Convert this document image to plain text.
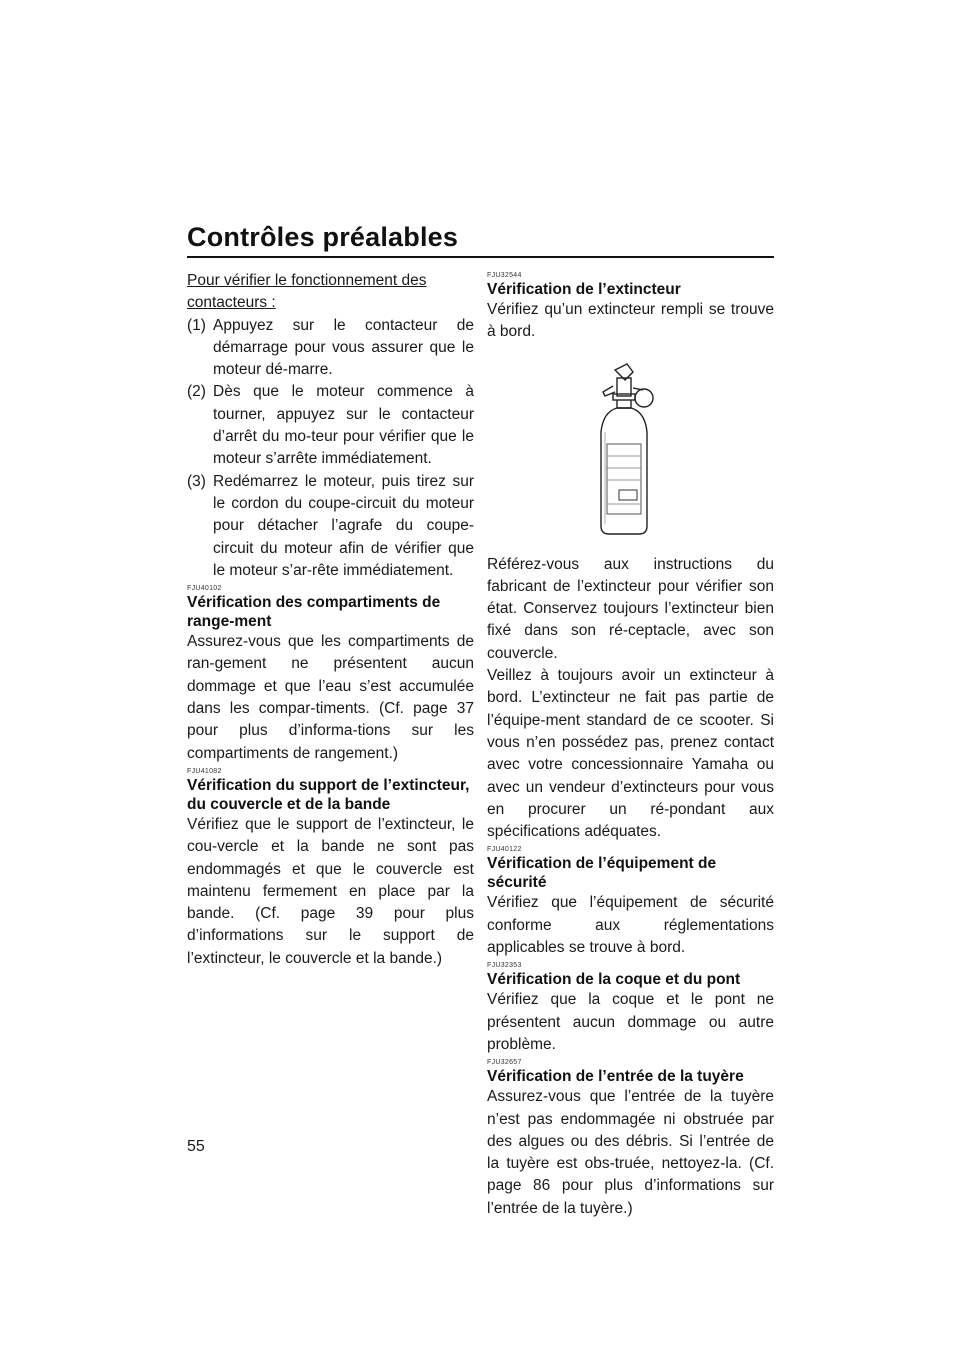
Contrôles préalables

Pour vérifier le fonctionnement des contacteurs :

(1) Appuyez sur le contacteur de démarrage pour vous assurer que le moteur dé-marre.
(2) Dès que le moteur commence à tourner, appuyez sur le contacteur d’arrêt du mo-teur pour vérifier que le moteur s’arrête immédiatement.
(3) Redémarrez le moteur, puis tirez sur le cordon du coupe-circuit du moteur pour détacher l’agrafe du coupe-circuit du moteur afin de vérifier que le moteur s’ar-rête immédiatement.
FJU40102
Vérification des compartiments de range-ment

Assurez-vous que les compartiments de ran-gement ne présentent aucun dommage et que l’eau s’est accumulée dans les compar-timents. (Cf. page 37 pour plus d’informa-tions sur les compartiments de rangement.)

FJU41082
Vérification du support de l’extincteur, du couvercle et de la bande

Vérifiez que le support de l’extincteur, le cou-vercle et la bande ne sont pas endommagés et que le couvercle est maintenu fermement en place par la bande. (Cf. page 39 pour plus d’informations sur le support de l’extincteur, le couvercle et la bande.)

FJU32544
Vérification de l’extincteur

Vérifiez qu’un extincteur rempli se trouve à bord.

Référez-vous aux instructions du fabricant de l’extincteur pour vérifier son état. Conservez toujours l’extincteur bien fixé dans son ré-ceptacle, avec son couvercle.

Veillez à toujours avoir un extincteur à bord. L’extincteur ne fait pas partie de l’équipe-ment standard de ce scooter. Si vous n’en possédez pas, prenez contact avec votre concessionnaire Yamaha ou avec un vendeur d’extincteurs pour vous en procurer un ré-pondant aux spécifications adéquates.

FJU40122
Vérification de l’équipement de sécurité

Vérifiez que l’équipement de sécurité conforme aux réglementations applicables se trouve à bord.

FJU32353
Vérification de la coque et du pont

Vérifiez que la coque et le pont ne présentent aucun dommage ou autre problème.

FJU32657
Vérification de l’entrée de la tuyère

Assurez-vous que l’entrée de la tuyère n’est pas endommagée ni obstruée par des algues ou des débris. Si l’entrée de la tuyère est obs-truée, nettoyez-la. (Cf. page 86 pour plus d’informations sur l’entrée de la tuyère.)

55
